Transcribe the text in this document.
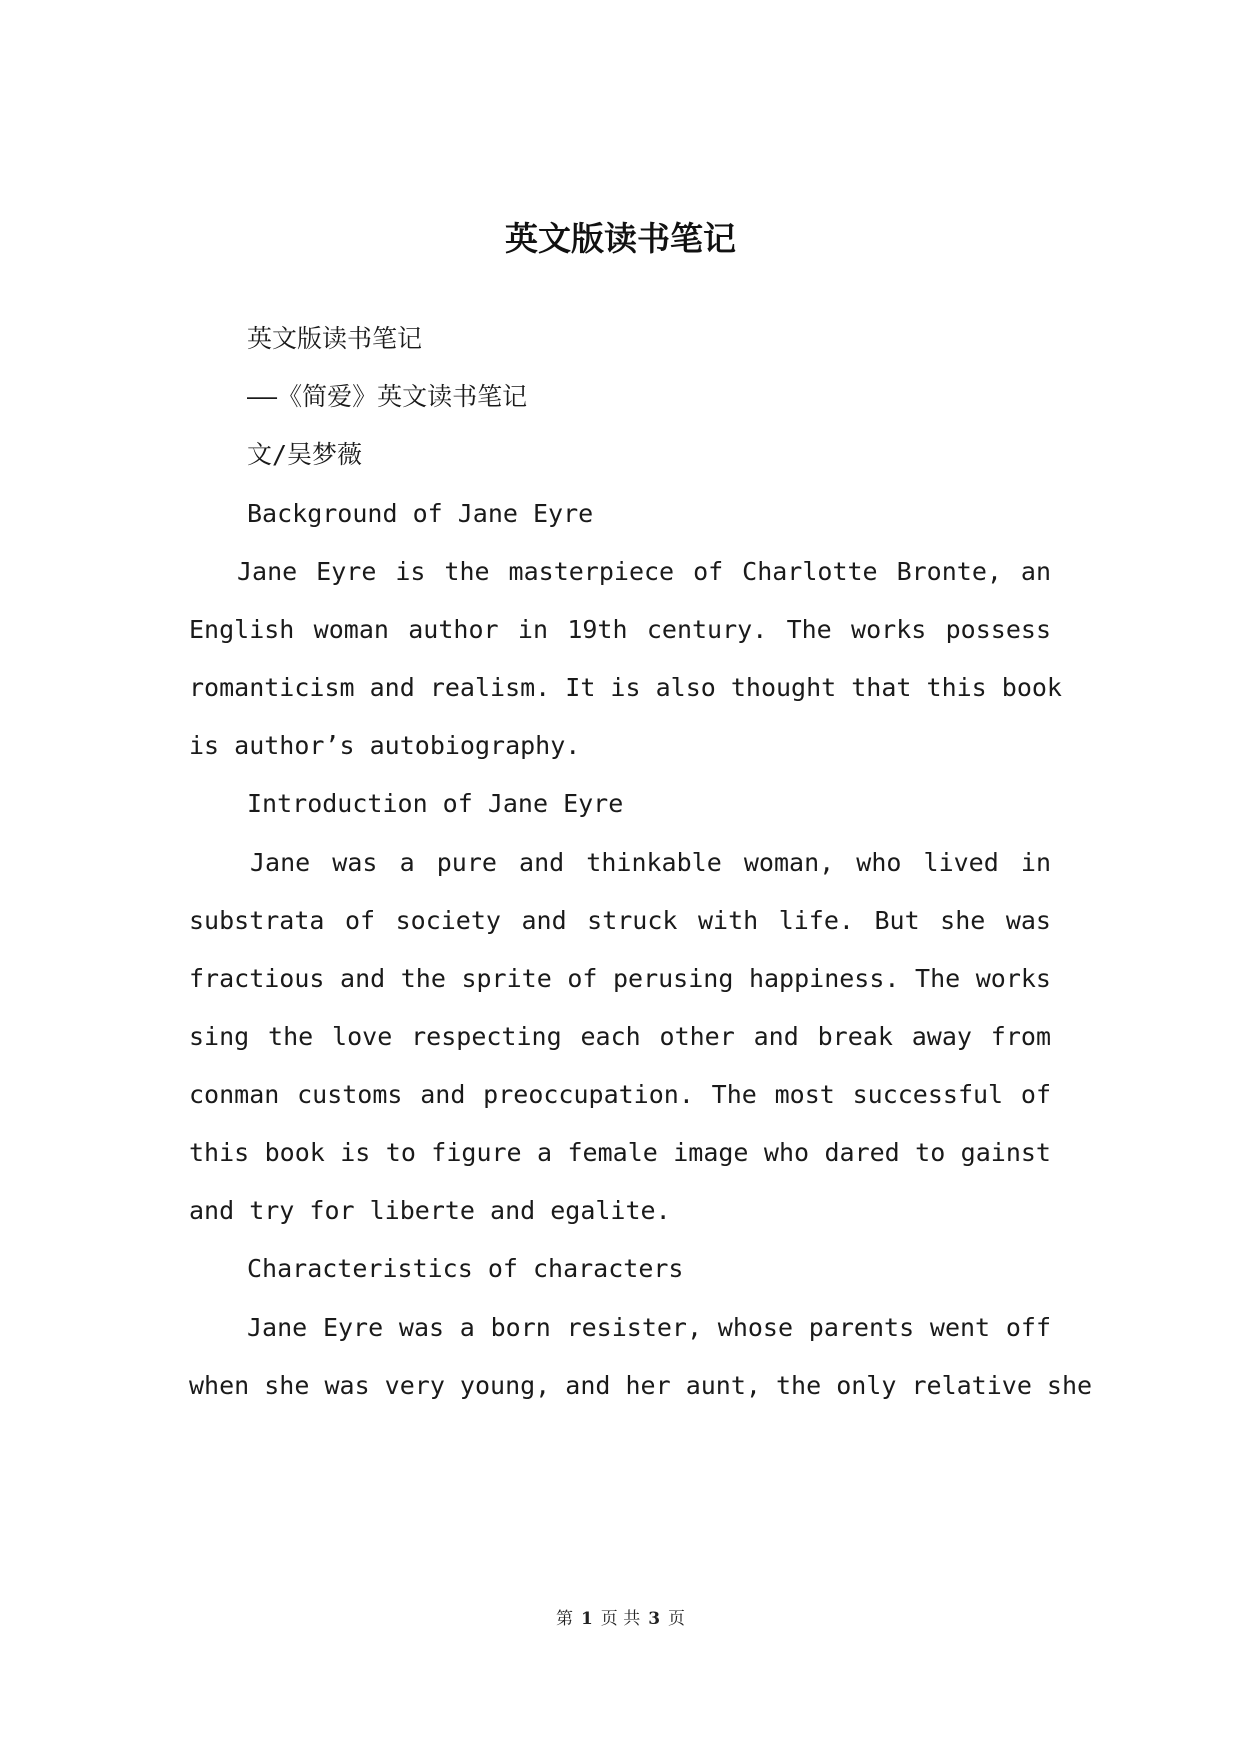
英文版读书笔记

英文版读书笔记

——《简爱》英文读书笔记

文/吴梦薇

Background of Jane Eyre

Jane Eyre is the masterpiece of Charlotte Bronte, an

English woman author in 19th century. The works possess

romanticism and realism. It is also thought that this book

is author’s autobiography.

Introduction of Jane Eyre

Jane was a pure and thinkable woman, who lived in

substrata of society and struck with life. But she was

fractious and the sprite of perusing happiness. The works

sing the love respecting each other and break away from

conman customs and preoccupation. The most successful of

this book is to figure a female image who dared to gainst

and try for liberte and egalite.

Characteristics of characters

Jane Eyre was a born resister, whose parents went off

when she was very young, and her aunt, the only relative she

第 1 页 共 3 页
